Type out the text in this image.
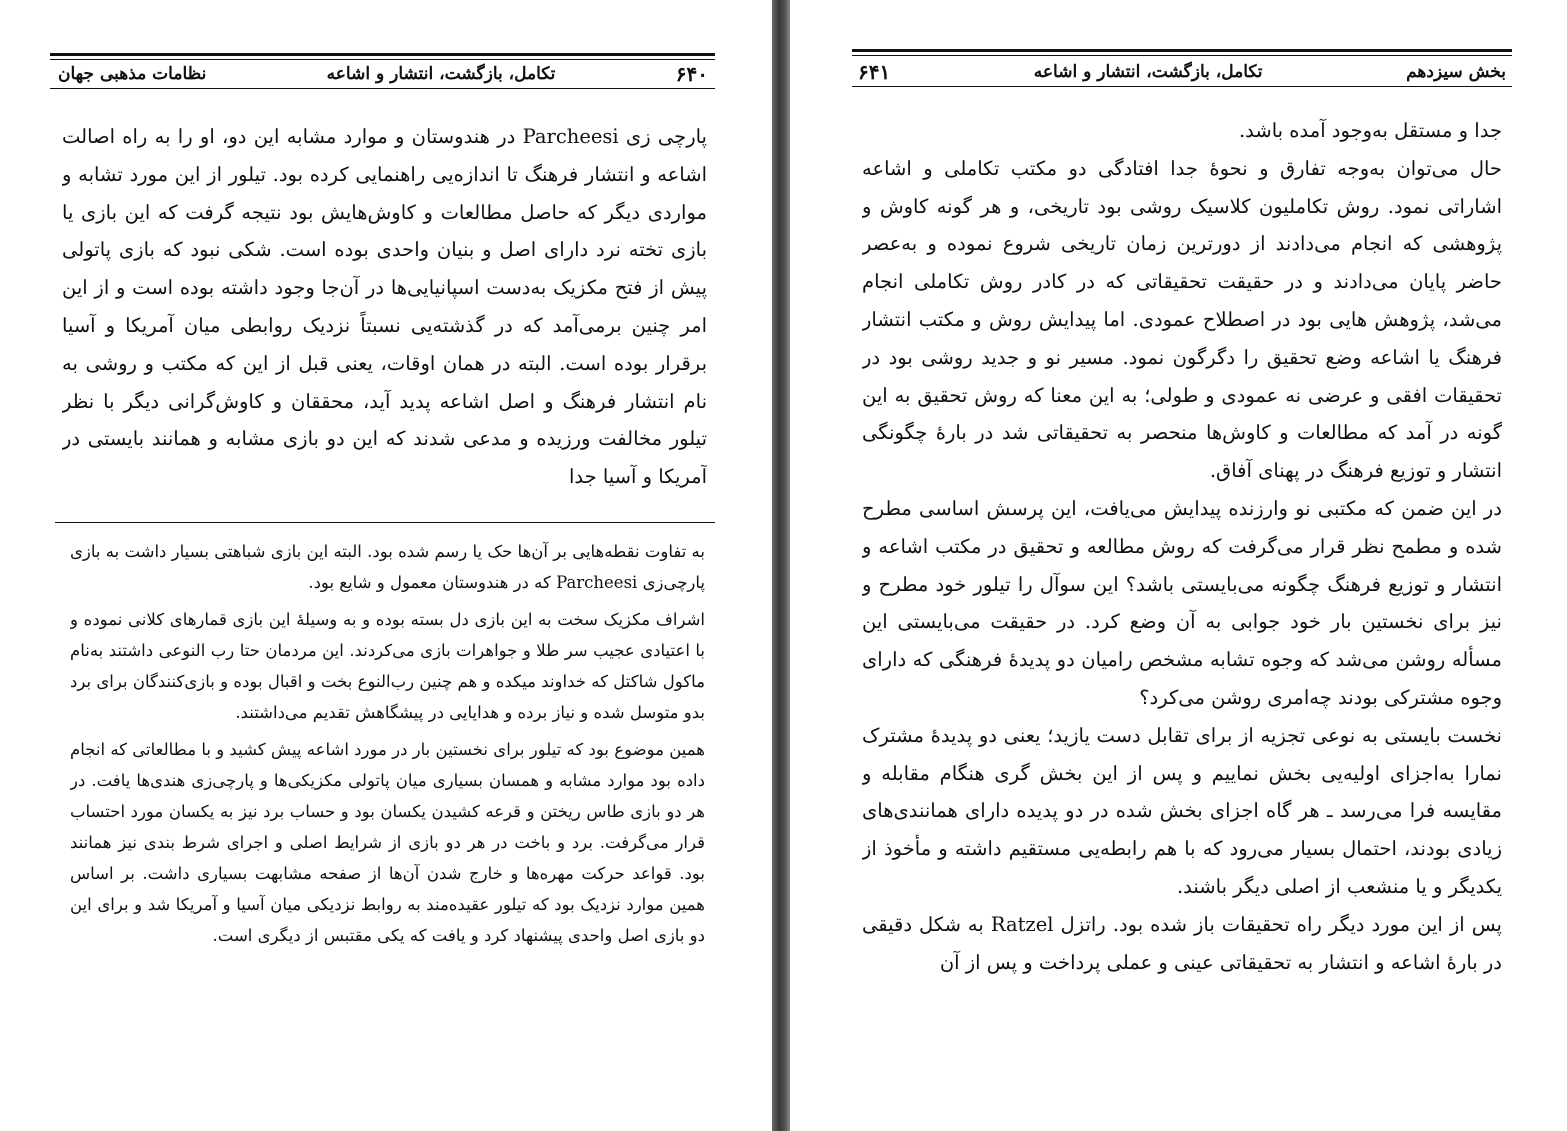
۶۴۰
تکامل، بازگشت، انتشار و اشاعه
نظامات مذهبی جهان

پارچی زی Parcheesi در هندوستان و موارد مشابه این دو، او را به راه اصالت اشاعه و انتشار فرهنگ تا اندازه‌یی راهنمایی کرده بود. تیلور از این مورد تشابه و مواردی دیگر که حاصل مطالعات و کاوش‌هایش بود نتیجه گرفت که این بازی یا بازی تخته نرد دارای اصل و بنیان واحدی بوده است. شکی نبود که بازی پاتولی پیش از فتح مکزیک به‌دست اسپانیایی‌ها در آن‌جا وجود داشته بوده است و از این امر چنین برمی‌آمد که در گذشته‌یی نسبتاً نزدیک روابطی میان آمریکا و آسیا برقرار بوده است. البته در همان اوقات، یعنی قبل از این که مکتب و روشی به نام انتشار فرهنگ و اصل اشاعه پدید آید، محققان و کاوش‌گرانی دیگر با نظر تیلور مخالفت ورزیده و مدعی شدند که این دو بازی مشابه و همانند بایستی در آمریکا و آسیا جدا

به تفاوت نقطه‌هایی بر آن‌ها حک یا رسم شده بود. البته این بازی شباهتی بسیار داشت به بازی پارچی‌زی Parcheesi که در هندوستان معمول و شایع بود.

اشراف مکزیک سخت به این بازی دل بسته بوده و به وسیلهٔ این بازی قمارهای کلانی نموده و با اعتیادی عجیب سر طلا و جواهرات بازی می‌کردند. این مردمان حتا رب النوعی داشتند به‌نام ماکول شاکتل که خداوند میکده و هم چنین رب‌النوع بخت و اقبال بوده و بازی‌کنندگان برای برد بدو متوسل شده و نیاز برده و هدایایی در پیشگاهش تقدیم می‌داشتند.

همین موضوع بود که تیلور برای نخستین بار در مورد اشاعه پیش کشید و با مطالعاتی که انجام داده بود موارد مشابه و همسان بسیاری میان پاتولی مکزیکی‌ها و پارچی‌زی هندی‌ها یافت. در هر دو بازی طاس ریختن و قرعه کشیدن یکسان بود و حساب برد نیز به یکسان مورد احتساب قرار می‌گرفت. برد و باخت در هر دو بازی از شرایط اصلی و اجرای شرط بندی نیز همانند بود. قواعد حرکت مهره‌ها و خارج شدن آن‌ها از صفحه مشابهت بسیاری داشت. بر اساس همین موارد نزدیک بود که تیلور عقیده‌مند به روابط نزدیکی میان آسیا و آمریکا شد و برای این دو بازی اصل واحدی پیشنهاد کرد و یافت که یکی مقتبس از دیگری است.

بخش سیزدهم
تکامل، بازگشت، انتشار و اشاعه
۶۴۱

جدا و مستقل به‌وجود آمده باشد.

حال می‌توان به‌وجه تفارق و نحوهٔ جدا افتادگی دو مکتب تکاملی و اشاعه اشاراتی نمود. روش تکاملیون کلاسیک روشی بود تاریخی، و هر گونه کاوش و پژوهشی که انجام می‌دادند از دورترین زمان تاریخی شروع نموده و به‌عصر حاضر پایان می‌دادند و در حقیقت تحقیقاتی که در کادر روش تکاملی انجام می‌شد، پژوهش هایی بود در اصطلاح عمودی. اما پیدایش روش و مکتب انتشار فرهنگ یا اشاعه وضع تحقیق را دگرگون نمود. مسیر نو و جدید روشی بود در تحقیقات افقی و عرضی نه عمودی و طولی؛ به این معنا که روش تحقیق به این گونه در آمد که مطالعات و کاوش‌ها منحصر به تحقیقاتی شد در بارهٔ چگونگی انتشار و توزیع فرهنگ در پهنای آفاق.

در این ضمن که مکتبی نو وارزنده پیدایش می‌یافت، این پرسش اساسی مطرح شده و مطمح نظر قرار می‌گرفت که روش مطالعه و تحقیق در مکتب اشاعه و انتشار و توزیع فرهنگ چگونه می‌بایستی باشد؟ این سوآل را تیلور خود مطرح و نیز برای نخستین بار خود جوابی به آن وضع کرد. در حقیقت می‌بایستی این مسأله روشن می‌شد که وجوه تشابه مشخص رامیان دو پدیدهٔ فرهنگی که دارای وجوه مشترکی بودند چه‌امری روشن می‌کرد؟

نخست بایستی به نوعی تجزیه از برای تقابل دست یازید؛ یعنی دو پدیدهٔ مشترک نمارا به‌اجزای اولیه‌یی بخش نماییم و پس از این بخش گری هنگام مقابله و مقایسه فرا می‌رسد ـ هر گاه اجزای بخش شده در دو پدیده دارای همانندی‌های زیادی بودند، احتمال بسیار می‌رود که با هم رابطه‌یی مستقیم داشته و مأخوذ از یکدیگر و یا منشعب از اصلی دیگر باشند.

پس از این مورد دیگر راه تحقیقات باز شده بود. راتزل Ratzel به شکل دقیقی در بارهٔ اشاعه و انتشار به تحقیقاتی عینی و عملی پرداخت و پس از آن
